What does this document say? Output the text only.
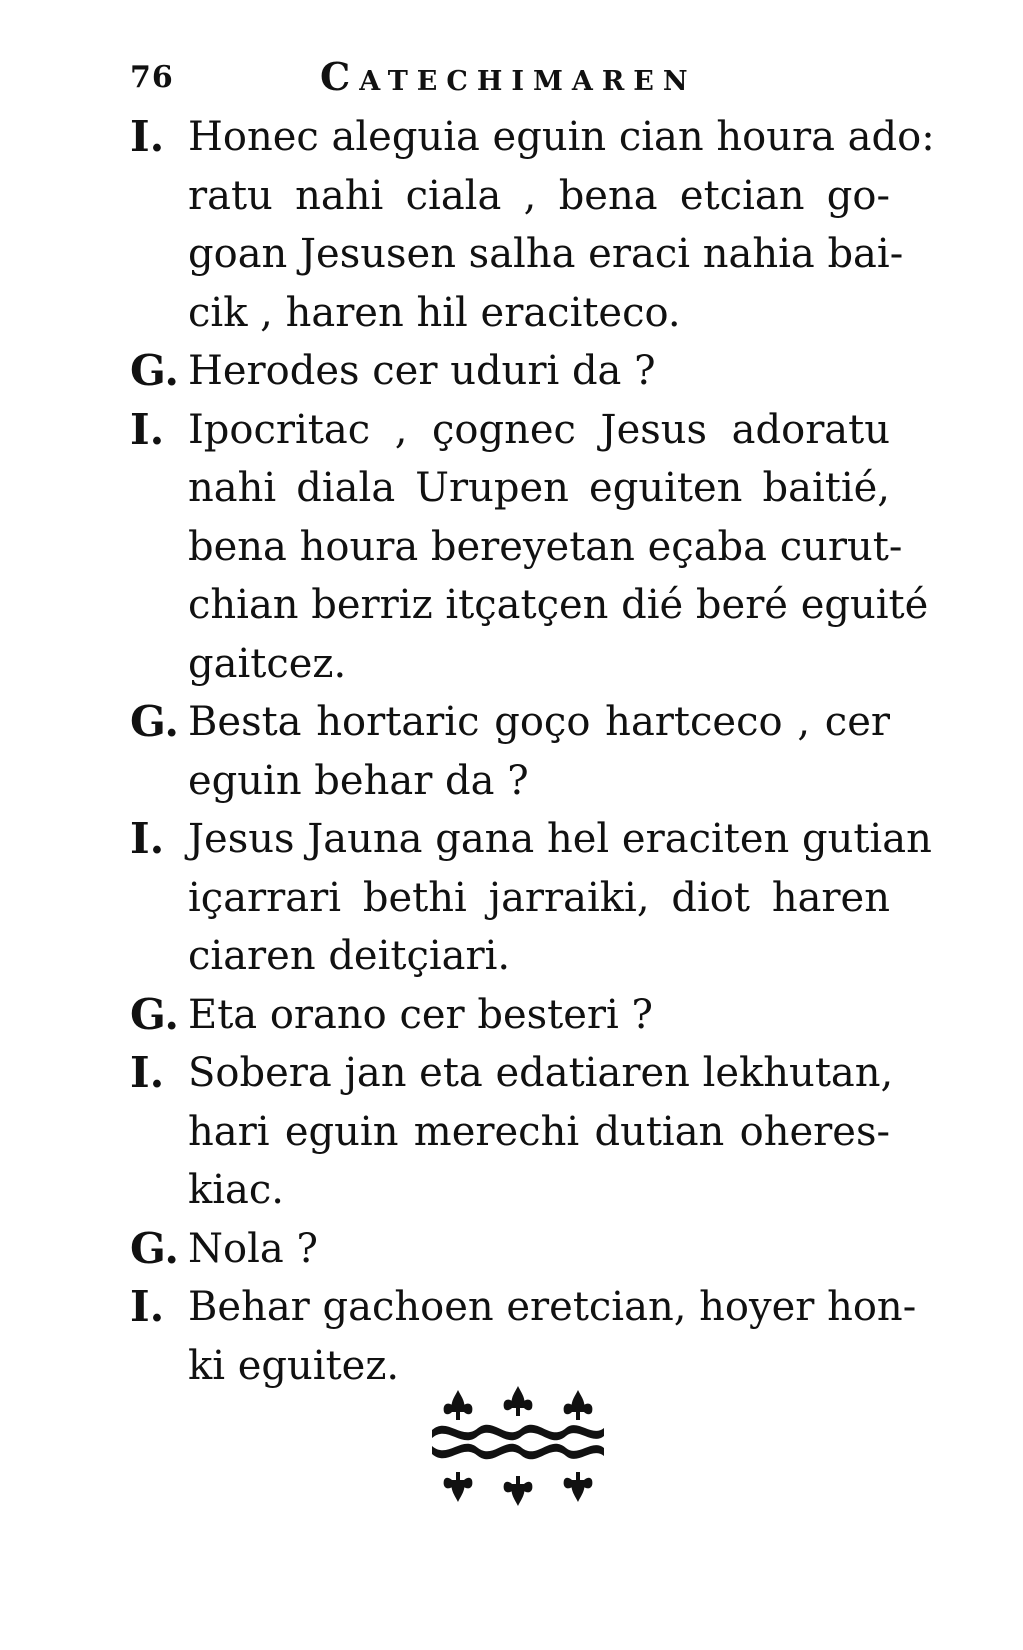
76	Catechimaren
I. Honec aleguia eguin cian houra ado:
ratu nahi ciala , bena etcian go-
goan Jesusen salha eraci nahia bai-
cik , haren hil eraciteco.
G. Herodes cer uduri da ?
I. Ipocritac , çognec Jesus adoratu
nahi diala Urupen eguiten baitié,
bena houra bereyetan eçaba curut-
chian berriz itçatçen dié beré eguité
gaitcez.
G. Besta hortaric goço hartceco , cer
eguin behar da ?
I. Jesus Jauna gana hel eraciten gutian
içarrari bethi jarraiki, diot haren
ciaren deitçiari.
G. Eta orano cer besteri ?
I. Sobera jan eta edatiaren lekhutan,
hari eguin merechi dutian oheres-
kiac.
G. Nola ?
I. Behar gachoen eretcian, hoyer hon-
ki eguitez.
